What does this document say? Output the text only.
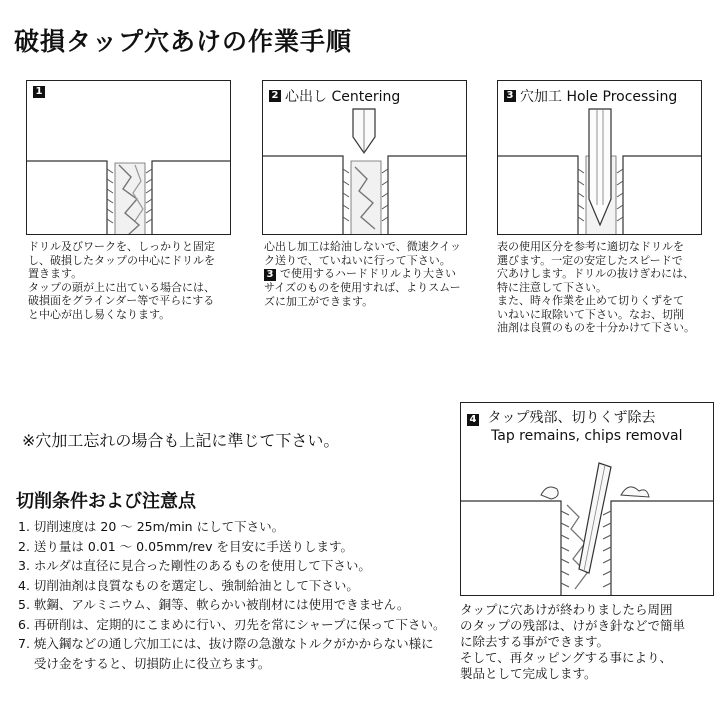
破損タップ穴あけの作業手順
1

ドリル及びワークを、しっかりと固定
し、破損したタップの中心にドリルを
置きます。
タップの頭が上に出ている場合には、
破損面をグラインダー等で平らにする
と中心が出し易くなります。

2 心出し Centering

心出し加工は給油しないで、微速クイッ
ク送りで、ていねいに行って下さい。
3 で使用するハードドリルより大きい
サイズのものを使用すれば、よりスムー
ズに加工ができます。

3 穴加工 Hole Processing

表の使用区分を参考に適切なドリルを
選びます。一定の安定したスピードで
穴あけします。ドリルの抜けぎわには、
特に注意して下さい。
また、時々作業を止めて切りくずをて
いねいに取除いて下さい。なお、切削
油剤は良質のものを十分かけて下さい。

※穴加工忘れの場合も上記に準じて下さい。

切削条件および注意点
1. 切削速度は 20 ～ 25m/min にして下さい。
2. 送り量は 0.01 ～ 0.05mm/rev を目安に手送りします。
3. ホルダは直径に見合った剛性のあるものを使用して下さい。
4. 切削油剤は良質なものを選定し、強制給油として下さい。
5. 軟鋼、アルミニウム、銅等、軟らかい被削材には使用できません。
6. 再研削は、定期的にこまめに行い、刃先を常にシャープに保って下さい。
7. 焼入鋼などの通し穴加工には、抜け際の急激なトルクがかからない様に
受け金をすると、切損防止に役立ちます。
4 タップ残部、切りくず除去
Tap remains, chips removal

タップに穴あけが終わりましたら周囲
のタップの残部は、けがき針などで簡単
に除去する事ができます。
そして、再タッピングする事により、
製品として完成します。
